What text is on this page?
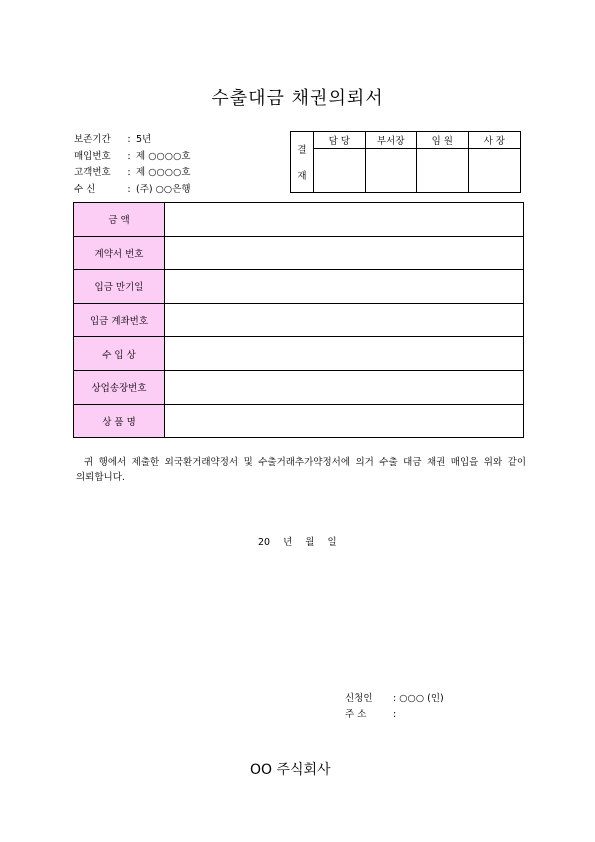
수출대금 채권의뢰서
보존기간 : 5년
매입번호 : 제 ○○○○호
고객번호 : 제 ○○○○호
수 신	: (주) ○○은행
결
재
담 당	부서장	임 원	사 장
금 액
계약서 번호
입금 만기일
입금 계좌번호
수 입 상
상업송장번호
상 품 명
귀 행에서 제출한 외국환거래약정서 및 수출거래추가약정서에 의거 수출 대금 채권 매입을 위와 같이 의뢰합니다.
20 년 월 일
신청인 : ○○○ (인)
주 소	:
OO 주식회사
